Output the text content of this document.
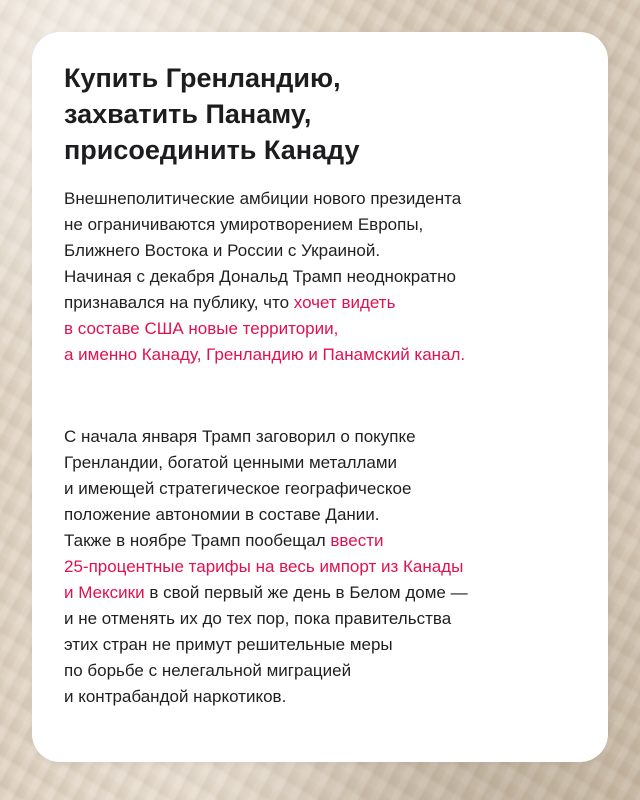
Купить Гренландию,
захватить Панаму,
присоединить Канаду

Внешнеполитические амбиции нового президента
не ограничиваются умиротворением Европы,
Ближнего Востока и России с Украиной.
Начиная с декабря Дональд Трамп неоднократно
признавался на публику, что хочет видеть
в составе США новые территории,
а именно Канаду, Гренландию и Панамский канал.

С начала января Трамп заговорил о покупке
Гренландии, богатой ценными металлами
и имеющей стратегическое географическое
положение автономии в составе Дании.
Также в ноябре Трамп пообещал ввести
25-процентные тарифы на весь импорт из Канады
и Мексики в свой первый же день в Белом доме —
и не отменять их до тех пор, пока правительства
этих стран не примут решительные меры
по борьбе с нелегальной миграцией
и контрабандой наркотиков.
